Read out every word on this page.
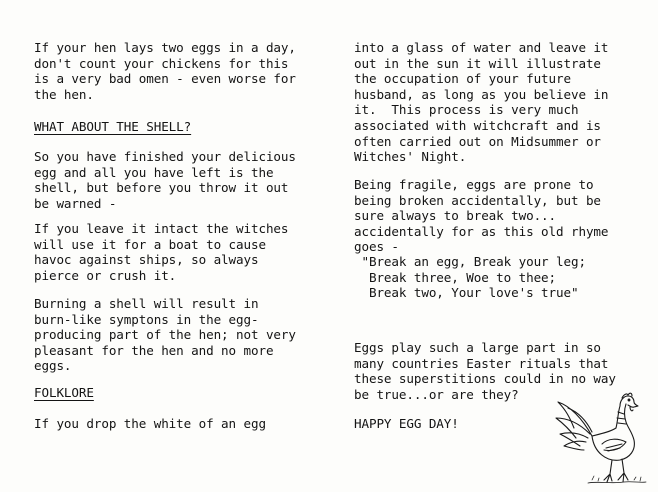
If your hen lays two eggs in a day,
don't count your chickens for this
is a very bad omen - even worse for
the hen.

WHAT ABOUT THE SHELL?

So you have finished your delicious
egg and all you have left is the
shell, but before you throw it out
be warned -

If you leave it intact the witches
will use it for a boat to cause
havoc against ships, so always
pierce or crush it.

Burning a shell will result in
burn-like symptons in the egg-
producing part of the hen; not very
pleasant for the hen and no more
eggs.

FOLKLORE

If you drop the white of an egg

into a glass of water and leave it
out in the sun it will illustrate
the occupation of your future
husband, as long as you believe in
it.  This process is very much
associated with witchcraft and is
often carried out on Midsummer or
Witches' Night.

Being fragile, eggs are prone to
being broken accidentally, but be
sure always to break two...
accidentally for as this old rhyme
goes -

"Break an egg, Break your leg;
Break three, Woe to thee;
Break two, Your love's true"

Eggs play such a large part in so
many countries Easter rituals that
these superstitions could in no way
be true...or are they?

HAPPY EGG DAY!
